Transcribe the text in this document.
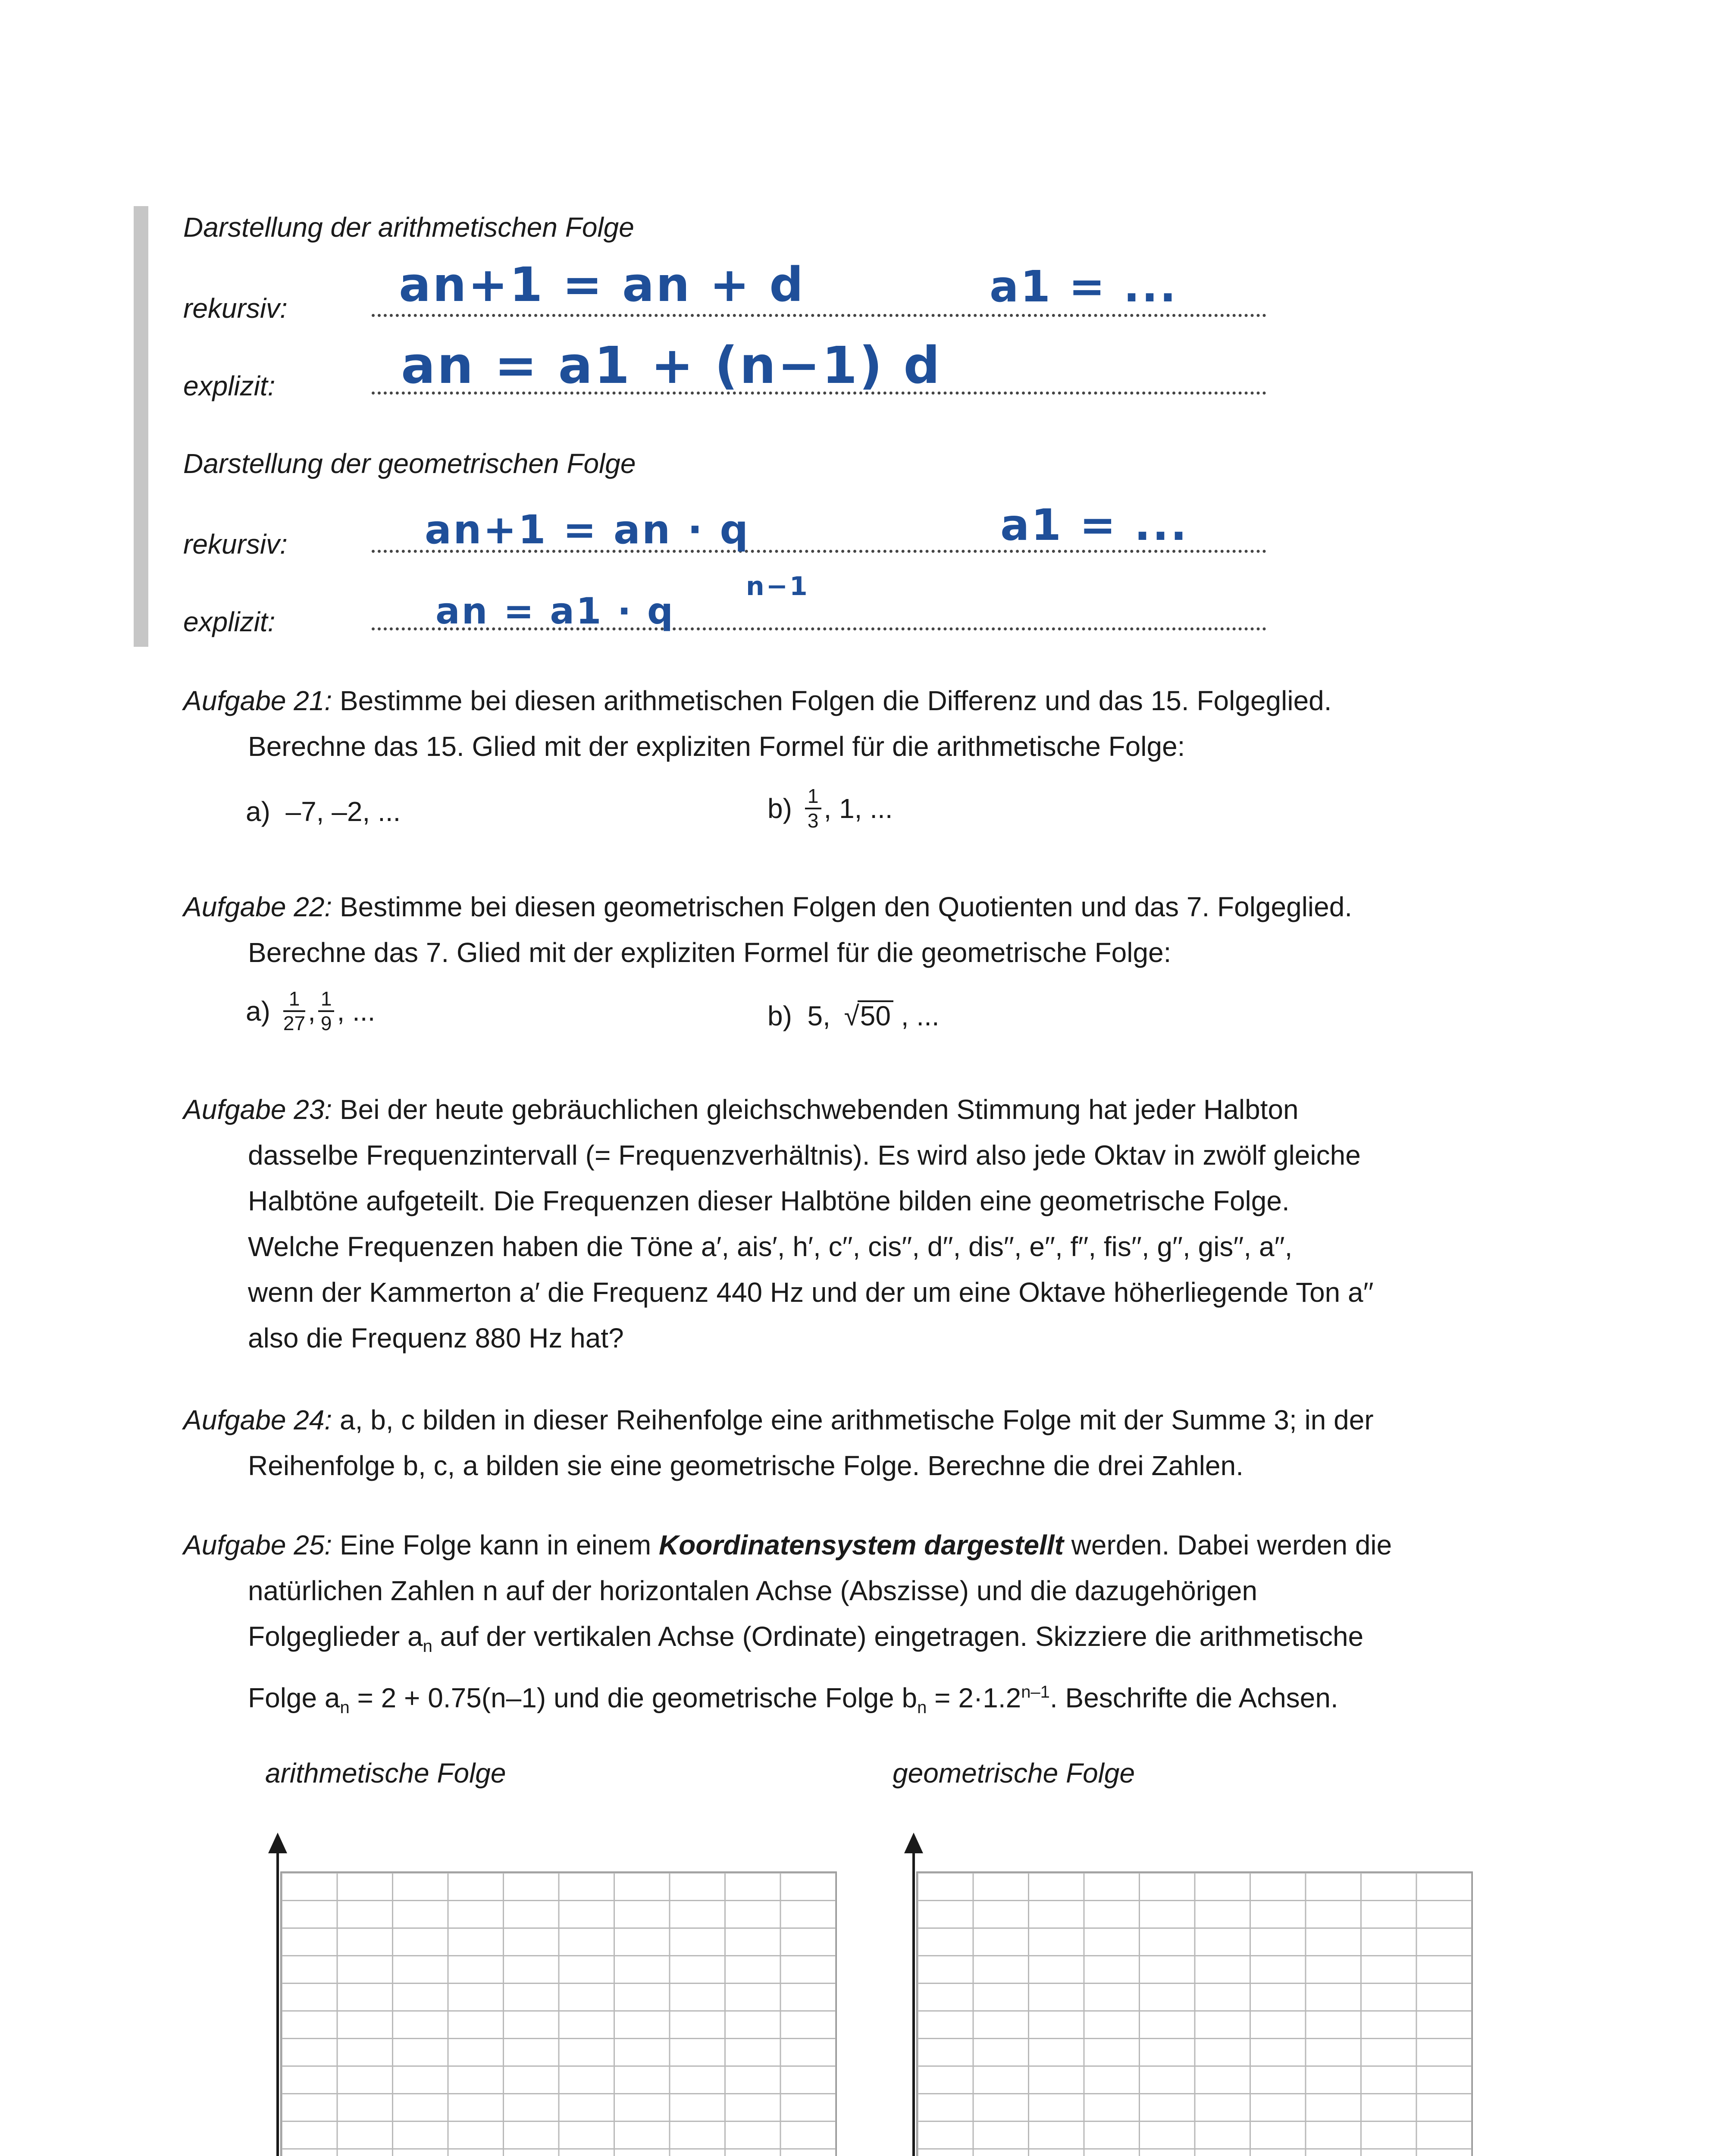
Darstellung der arithmetischen Folge
rekursiv: an+1 = an + d	a1 = ...
explizit: an = a1 + (n−1) d
Darstellung der geometrischen Folge
rekursiv:	an+1 = an · q	a1 = ...
explizit:	an = a1 · q
n−1
Aufgabe 21: Bestimme bei diesen arithmetischen Folgen die Differenz und das 15. Folgeglied.
Berechne das 15. Glied mit der expliziten Formel für die arithmetische Folge:
a) –7, –2, ...	$b) \frac{1}{3}$ , 1, ...
Aufgabe 22: Bestimme bei diesen geometrischen Folgen den Quotienten und das 7. Folgeglied.
Berechne das 7. Glied mit der expliziten Formel für die geometrische Folge:
$a) \frac{1}{27}$ , $\frac{1}{9}$ , ...	b) 5, √50 , ...
Aufgabe 23: Bei der heute gebräuchlichen gleichschwebenden Stimmung hat jeder Halbton
dasselbe Frequenzintervall (= Frequenzverhältnis). Es wird also jede Oktav in zwölf gleiche
Halbtöne aufgeteilt. Die Frequenzen dieser Halbtöne bilden eine geometrische Folge.
Welche Frequenzen haben die Töne a′, ais′, h′, c′′, cis′′, d′′, dis′′, e′′, f′′, fis′′, g′′, gis′′, a′′,
wenn der Kammerton a′ die Frequenz 440 Hz und der um eine Oktave höherliegende Ton a′′
also die Frequenz 880 Hz hat?
Aufgabe 24: a, b, c bilden in dieser Reihenfolge eine arithmetische Folge mit der Summe 3; in der
Reihenfolge b, c, a bilden sie eine geometrische Folge. Berechne die drei Zahlen.
Aufgabe 25: Eine Folge kann in einem Koordinatensystem dargestellt werden. Dabei werden die
natürlichen Zahlen n auf der horizontalen Achse (Abszisse) und die dazugehörigen
Folgeglieder $a_n$ auf der vertikalen Achse (Ordinate) eingetragen. Skizziere die arithmetische
Folge $a_n = 2 + 0.75(n-1)$ und die geometrische Folge $b_n = 2\cdot 1.2^{n-1}$. Beschrifte die Achsen.
arithmetische Folge	geometrische Folge
